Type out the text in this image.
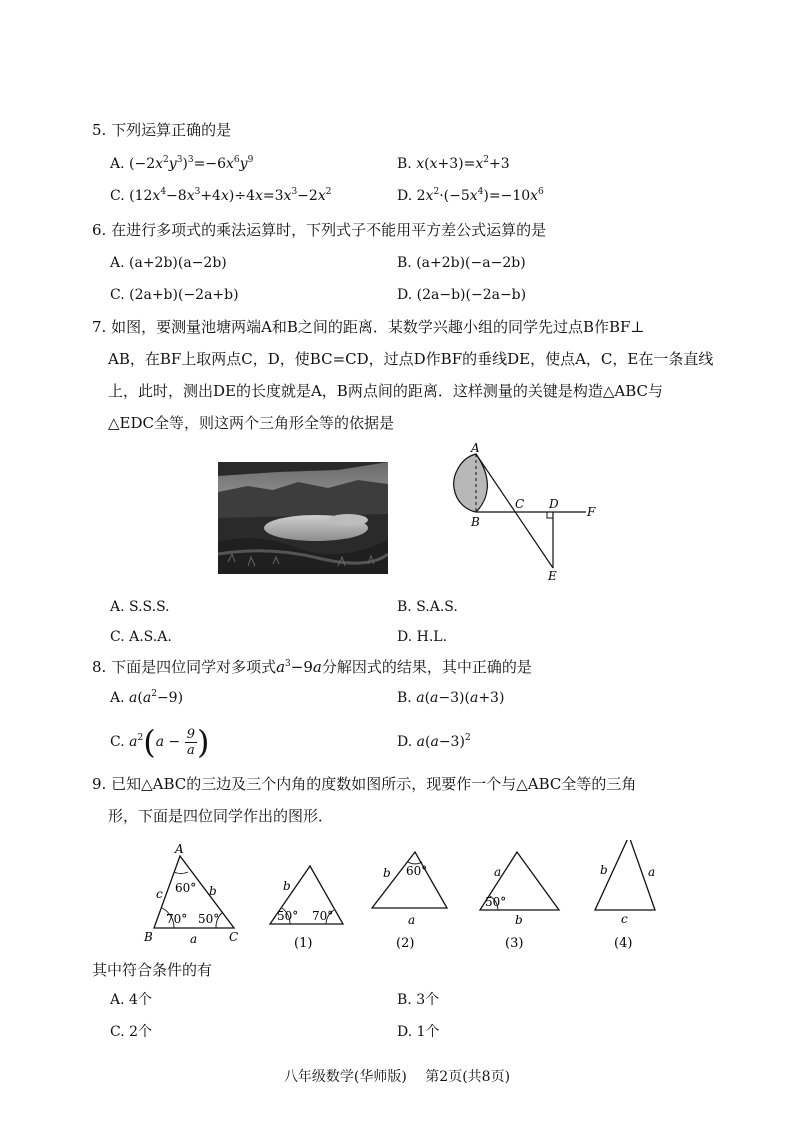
5. 下列运算正确的是
A. $(-2x^2y^3)^3=-6x^6y^9$	B. $x(x+3)=x^2+3$
C. $(12x^4-8x^3+4x)\div 4x=3x^3-2x^2$	D. $2x^2\cdot(-5x^4)=-10x^6$
6. 在进行多项式的乘法运算时，下列式子不能用平方差公式运算的是
A. (a+2b)(a−2b)	B. (a+2b)(−a−2b)
C. (2a+b)(−2a+b)	D. (2a−b)(−2a−b)
7. 如图，要测量池塘两端A和B之间的距离．某数学兴趣小组的同学先过点B作BF⊥
AB，在BF上取两点C，D，使BC=CD，过点D作BF的垂线DE，使点A，C，E在一条直线
上，此时，测出DE的长度就是A，B两点间的距离．这样测量的关键是构造△ABC与
△EDC全等，则这两个三角形全等的依据是
A
B
C D
E
F
A. S.S.S.	B. S.A.S.
C. A.S.A.	D. H.L.
8. 下面是四位同学对多项式$a^3-9a$分解因式的结果，其中正确的是
A. $a(a^2-9)$	B. a(a−3)(a+3)
C. $a^2(a - \frac{9}{a}$ )	D. $a(a-3)^2$
9. 已知△ABC的三边及三个内角的度数如图所示，现要作一个与△ABC全等的三角
形，下面是四位同学作出的图形．
A
B	C
a
b
c 60°
70° 50°
b
50° 70°
(1)
b 60°
a
(2)
a
50°
b
(3)
b	a
c
(4)
其中符合条件的有
A. 4个	B. 3个
C. 2个	D. 1个
八年级数学(华师版)　 第2页(共8页)
